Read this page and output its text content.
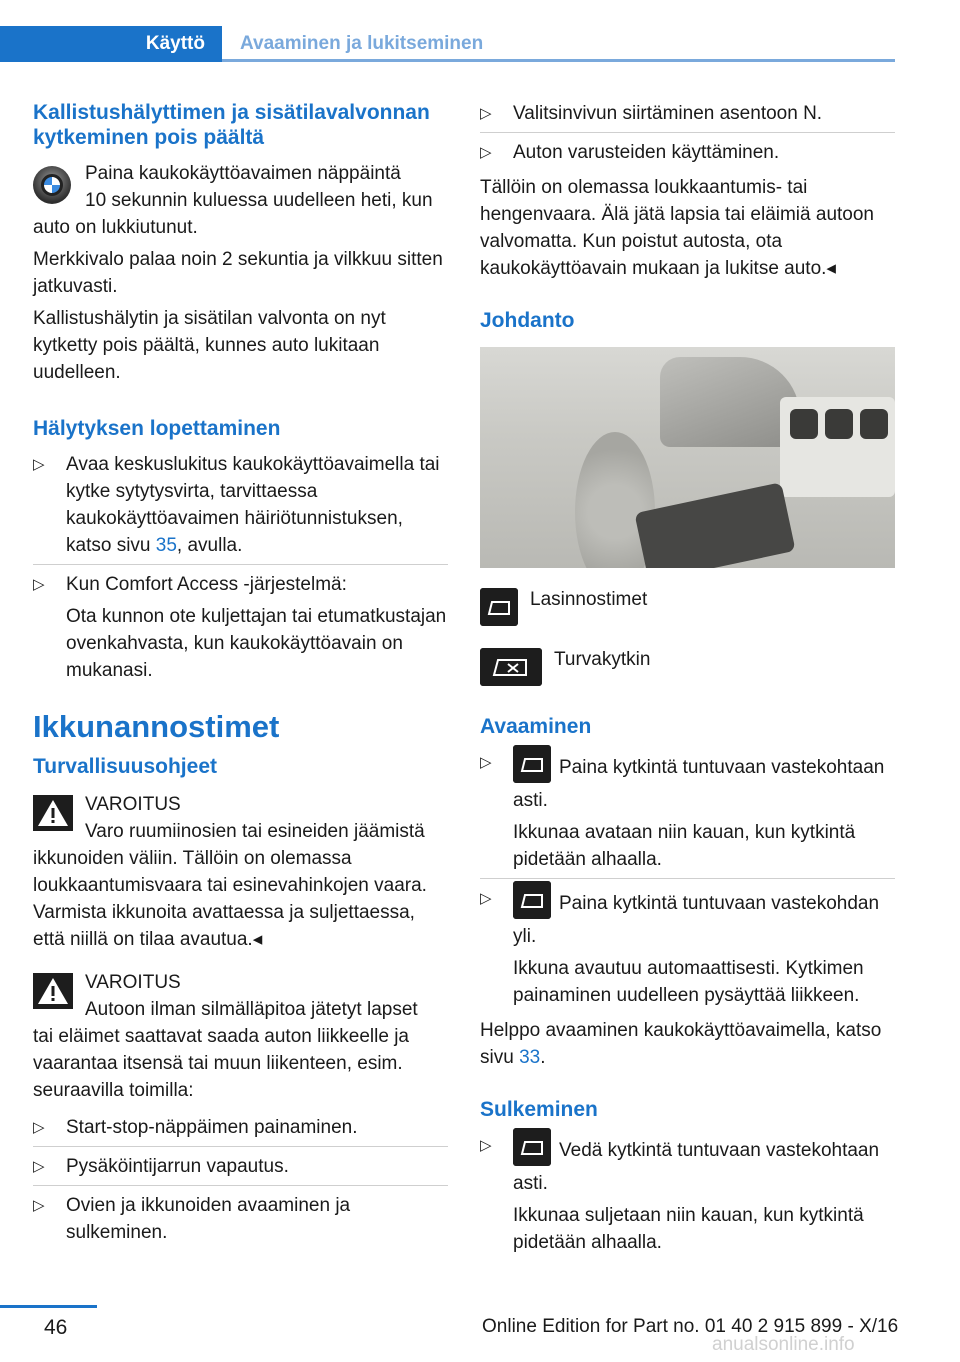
Käyttö Avaaminen ja lukitseminen
Kallistushälyttimen ja sisätilavalvonnan kytkeminen pois päältä
Paina kaukokäyttöavaimen näppäintä

10 sekunnin kuluessa uudelleen heti, kun auto on lukkiutunut.

Merkkivalo palaa noin 2 sekuntia ja vilkkuu sitten jatkuvasti.

Kallistushälytin ja sisätilan valvonta on nyt kytketty pois päältä, kunnes auto lukitaan uudelleen.

Hälytyksen lopettaminen
▷ Avaa keskuslukitus kaukokäyttöavaimella tai kytke sytytysvirta, tarvittaessa kaukokäyttöavaimen häiriötunnistuksen, katso sivu 35, avulla.
▷ Kun Comfort Access -järjestelmä:
Ota kunnon ote kuljettajan tai etumatkustajan ovenkahvasta, kun kaukokäyttöavain on mukanasi.
Ikkunannostimet
Turvallisuusohjeet
VAROITUS
Varo ruumiinosien tai esineiden jäämistä
ikkunoiden väliin. Tällöin on olemassa loukkaantumisvaara tai esinevahinkojen vaara. Varmista ikkunoita avattaessa ja suljettaessa, että niillä on tilaa avautua.◂
VAROITUS
Autoon ilman silmälläpitoa jätetyt lapset
tai eläimet saattavat saada auton liikkeelle ja vaarantaa itsensä tai muun liikenteen, esim. seuraavilla toimilla:
▷ Start-stop-näppäimen painaminen.
▷ Pysäköintijarrun vapautus.
▷ Ovien ja ikkunoiden avaaminen ja sulkeminen.
▷ Valitsinvivun siirtäminen asentoon N.
▷ Auton varusteiden käyttäminen.

Tällöin on olemassa loukkaantumis- tai hengenvaara. Älä jätä lapsia tai eläimiä autoon valvomatta. Kun poistut autosta, ota kaukokäyttöavain mukaan ja lukitse auto.◂

Johdanto
Lasinnostimet
Turvakytkin
Avaaminen
▷	Paina kytkintä tuntuvaan vastekohtaan asti.
Ikkunaa avataan niin kauan, kun kytkintä pidetään alhaalla.
▷	Paina kytkintä tuntuvaan vastekohdan yli.
Ikkuna avautuu automaattisesti. Kytkimen painaminen uudelleen pysäyttää liikkeen.

Helppo avaaminen kaukokäyttöavaimella, katso sivu 33.

Sulkeminen
▷	Vedä kytkintä tuntuvaan vastekohtaan asti.
Ikkunaa suljetaan niin kauan, kun kytkintä pidetään alhaalla.
46	Online Edition for Part no. 01 40 2 915 899 - X/16
anualsonline.info
